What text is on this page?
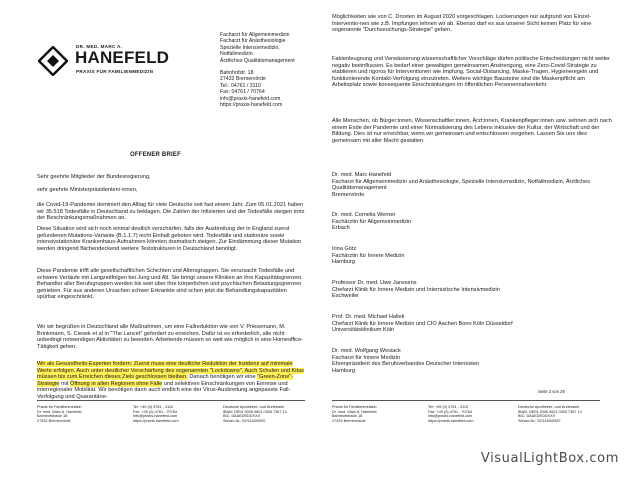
DR. MED. MARC A.
HANEFELD
PRAXIS FÜR FAMILIENMEDIZIN
Facharzt für Allgemeinmedizin
Facharzt für Anästhesiologie
Spezielle Intensivmedizin,
Notfallmedizin
Ärztliches Qualitätsmanagement
Bahnhofstr. 18
27432 Bremervörde
Tel.: 04761 / 3110
Fax: 04761 / 70764
info@praxis-hanefeld.com
https://praxis-hanefeld.com
OFFENER BRIEF

Sehr geehrte Mitglieder der Bundesregierung,

sehr geehrte Ministerpräsidenten/-innen,

die Covid-19-Pandemie dominiert den Alltag für viele Deutsche seit fast einem Jahr. Zum 05.01.2021 haben wir 35.518 Todesfälle in Deutschland zu beklagen. Die Zahlen der Infizierten und der Todesfälle steigen trotz der Beschränkungsmaßnahmen an.

Diese Situation wird sich noch einmal deutlich verschärfen, falls der Ausbreitung der in England zuerst gefundenen Mutations-Variante (B.1.1.7) nicht Einhalt geboten wird. Todesfälle und stationäre sowie intensivstationäre Krankenhaus-Aufnahmen könnten dramatisch steigen. Zur Eindämmung dieser Mutation werden dringend flächendeckend weitere Teststrukturen in Deutschland benötigt.

Diese Pandemie trifft alle gesellschaftlichen Schichten und Altersgruppen. Sie verursacht Todesfälle und schwere Verläufe mit Langzeitfolgen bei Jung und Alt. Sie bringt unsere Kliniken an ihre Kapazitätsgrenzen. Behandler aller Berufsgruppen werden bis weit über ihre körperlichen und psychischen Belastungsgrenzen getrieben. Für aus anderen Ursachen schwer Erkrankte sind schon jetzt die Behandlungskapazitäten spürbar eingeschränkt.

Wir wir begrüßen in Deutschland alle Maßnahmen, um eine Fallreduktion wie von V. Priesemann, M. Brinkmann, S. Ciesek et al in "The Lancet" gefordert zu erreichen. Dafür ist es erforderlich, alle nicht unbedingt notwendigen Aktivitäten zu beenden. Arbeitende müssen so weit wie möglich in eine Homeoffice-Tätigkeit gehen.

Wir als Gesundheits-Experten fordern: Zuerst muss eine deutliche Reduktion der Inzidenz auf minimale Werte erfolgen. Auch unter deutlicher Verschärfung des sogenannten "Lockdowns". Auch Schulen und Kitas müssen bis zum Erreichen dieses Ziels geschlossen bleiben. Danach benötigen wir eine "Green-Zone"-Strategie mit Öffnung in allen Regionen ohne Fälle und selektiven Einschränkungen von Einreise und interregionaler Mobilität. Wir benötigen dann auch endlich eine der Virus-Ausbreitung angepasste Fall-Verfolgung und Quarantäne-

Praxis für Familienmedizin
Dr. med. Marc A. Hanefeld
Bahnhofstraße 18
27432 Bremervörde
Tel: +49 (0) 4761 - 3110
Fax: +49 (0) 4761 - 70764
info@praxis-hanefeld.com
https://praxis-hanefeld.com
Deutsche Apotheker- und Ärztebank
IBAN: DE04 3006 0601 0305 7367 14
BIC: DAAEDEDDXXX
Steuer-Nr.: 52/116/00920

Möglichkeiten wie von C. Drosten im August 2020 vorgeschlagen. Lockerungen nur aufgrund von Einzel-Interventio-nen wie z.B. Impfungen lehnen wir ab. Ebenso darf es aus unserer Sicht keinen Platz für eine sogenannte "Durchseuchungs-Strategie" geben.

Faktenleugnung und Verwässerung wissenschaftlicher Vorschläge dürfen politische Entscheidungen nicht weiter negativ beeinflussen. Es bedarf einer gewaltigen gemeinsamen Anstrengung, eine Zero-Covid-Strategie zu etablieren und rigoros für Interventionen wie Impfung, Social-Distancing, Maske-Tragen, Hygieneregeln und funktionierende Kontakt-Verfolgung einzutreten. Weitere wichtige Bausteine sind die Maskenpflicht am Arbeitsplatz sowie konsequente Einschränkungen im öffentlichen Personennahverkehr.

Alle Menschen, ob Bürger:innen, Wissenschaftler:innen, Ärzt:innen, Krankenpfleger:innen usw. sehnen sich nach einem Ende der Pandemie und einer Normalisierung des Lebens inklusive der Kultur, der Wirtschaft und der Bildung. Dies ist nur erreichbar, wenn wir gemeinsam und entschlossen vorgehen. Lassen Sie uns dies gemeinsam mit aller Macht gestalten.

Dr. med. Marc Hanefeld
Facharzt für Allgemeinmedizin und Anästhesiologie, Spezielle Intensivmedizin, Notfallmedizin, Ärztliches Qualitätsmanagement
Bremervörde
Dr. med. Cornelia Werner
Fachärztin für Allgemeinmedizin
Erbach
Irina Götz
Fachärztin für Innere Medizin
Hamburg
Professor Dr. med. Uwe Janssens
Chefarzt Klinik für Innere Medizin und Internistische Intensivmedizin
Eschweiler
Prof. Dr. med. Michael Hallek
Chefarzt Klinik für Innere Medizin und CIO Aachen Bonn Köln Düsseldorf
Universitätsklinikum Köln
Dr. med. Wolfgang Wesiack
Facharzt für Innere Medizin
Ehrenpräsident des Berufsverbandes Deutscher Internisten
Hamburg
Seite 2 von 29
Praxis für Familienmedizin
Dr. med. Marc A. Hanefeld
Bahnhofstraße 18
27432 Bremervörde
Tel: +49 (0) 4761 - 3110
Fax: +49 (0) 4761 - 70764
info@praxis-hanefeld.com
https://praxis-hanefeld.com
Deutsche Apotheker- und Ärztebank
IBAN: DE04 3006 0601 0305 7367 14
BIC: DAAEDEDDXXX
Steuer-Nr.: 52/116/00920
VisualLightBox.com
